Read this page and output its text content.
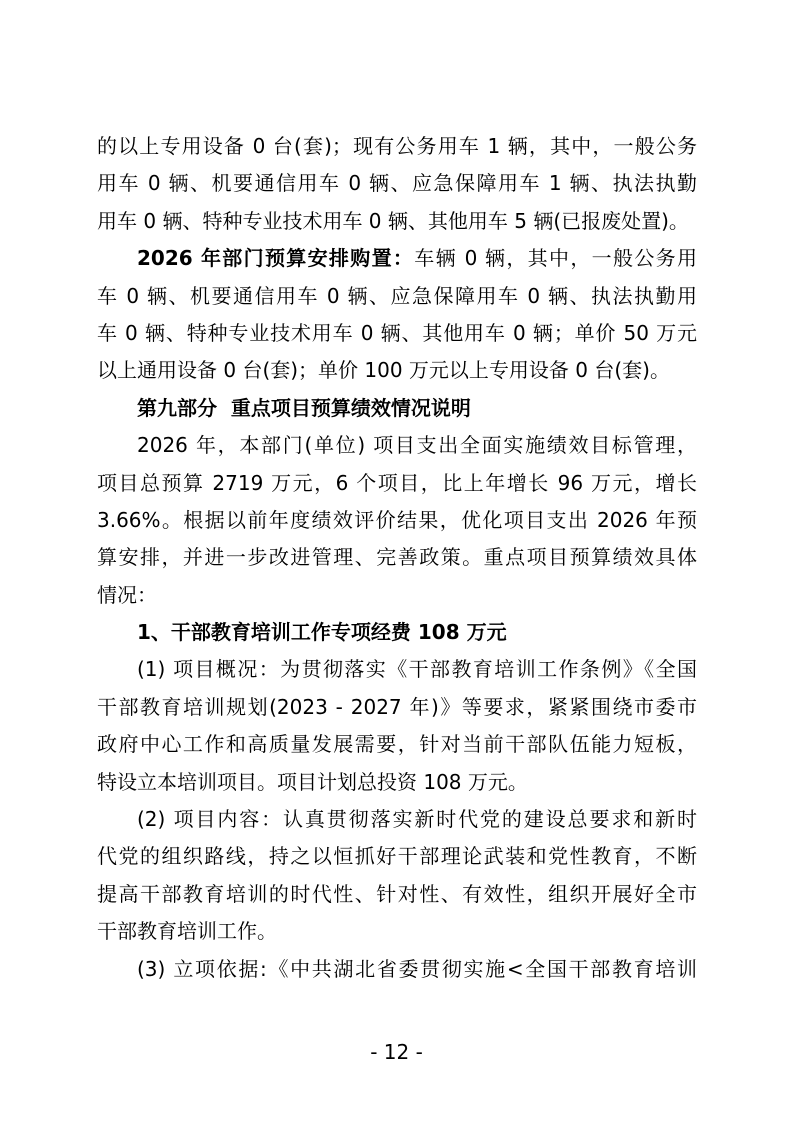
的以上专用设备 0 台(套)；现有公务用车 1 辆，其中，一般公务
用车 0 辆、机要通信用车 0 辆、应急保障用车 1 辆、执法执勤
用车 0 辆、特种专业技术用车 0 辆、其他用车 5 辆(已报废处置)。
2026 年部门预算安排购置：车辆 0 辆，其中，一般公务用
车 0 辆、机要通信用车 0 辆、应急保障用车 0 辆、执法执勤用
车 0 辆、特种专业技术用车 0 辆、其他用车 0 辆；单价 50 万元
以上通用设备 0 台(套)；单价 100 万元以上专用设备 0 台(套)。
第九部分  重点项目预算绩效情况说明
2026 年，本部门(单位) 项目支出全面实施绩效目标管理，
项目总预算 2719 万元，6 个项目，比上年增长 96 万元，增长
3.66%。根据以前年度绩效评价结果，优化项目支出 2026 年预
算安排，并进一步改进管理、完善政策。重点项目预算绩效具体
情况：
1、干部教育培训工作专项经费 108 万元
(1) 项目概况：为贯彻落实《干部教育培训工作条例》《全国
干部教育培训规划(2023 - 2027 年)》等要求，紧紧围绕市委市
政府中心工作和高质量发展需要，针对当前干部队伍能力短板，
特设立本培训项目。项目计划总投资 108 万元。
(2) 项目内容：认真贯彻落实新时代党的建设总要求和新时
代党的组织路线，持之以恒抓好干部理论武装和党性教育，不断
提高干部教育培训的时代性、针对性、有效性，组织开展好全市
干部教育培训工作。
(3) 立项依据:《中共湖北省委贯彻实施<全国干部教育培训
- 12 -
